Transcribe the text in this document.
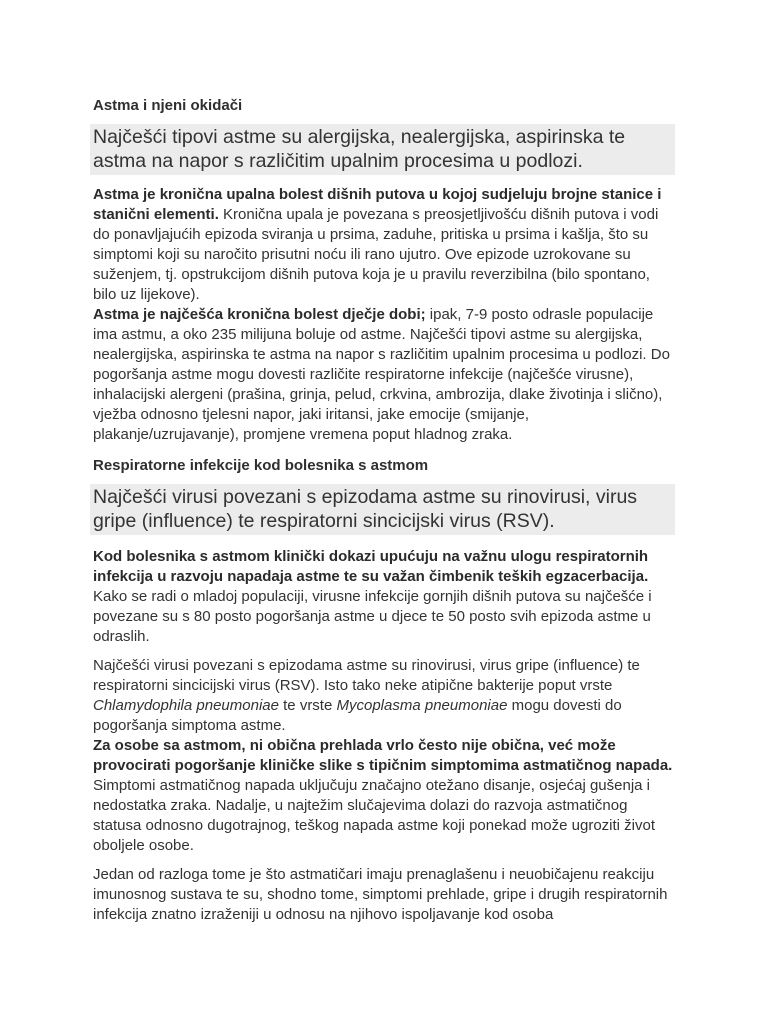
Astma i njeni okidači
Najčešći tipovi astme su alergijska, nealergijska, aspirinska te astma na napor s različitim upalnim procesima u podlozi.

Astma je kronična upalna bolest dišnih putova u kojoj sudjeluju brojne stanice i stanični elementi. Kronična upala je povezana s preosjetljivošću dišnih putova i vodi do ponavljajućih epizoda sviranja u prsima, zaduhe, pritiska u prsima i kašlja, što su simptomi koji su naročito prisutni noću ili rano ujutro. Ove epizode uzrokovane su suženjem, tj. opstrukcijom dišnih putova koja je u pravilu reverzibilna (bilo spontano, bilo uz lijekove).

Astma je najčešća kronična bolest dječje dobi; ipak, 7-9 posto odrasle populacije ima astmu, a oko 235 milijuna boluje od astme. Najčešći tipovi astme su alergijska, nealergijska, aspirinska te astma na napor s različitim upalnim procesima u podlozi. Do pogoršanja astme mogu dovesti različite respiratorne infekcije (najčešće virusne), inhalacijski alergeni (prašina, grinja, pelud, crkvina, ambrozija, dlake životinja i slično), vježba odnosno tjelesni napor, jaki iritansi, jake emocije (smijanje, plakanje/uzrujavanje), promjene vremena poput hladnog zraka.

Respiratorne infekcije kod bolesnika s astmom
Najčešći virusi povezani s epizodama astme su rinovirusi, virus gripe (influence) te respiratorni sincicijski virus (RSV).

Kod bolesnika s astmom klinički dokazi upućuju na važnu ulogu respiratornih infekcija u razvoju napadaja astme te su važan čimbenik teških egzacerbacija. Kako se radi o mladoj populaciji, virusne infekcije gornjih dišnih putova su najčešće i povezane su s 80 posto pogoršanja astme u djece te 50 posto svih epizoda astme u odraslih.

Najčešći virusi povezani s epizodama astme su rinovirusi, virus gripe (influence) te respiratorni sincicijski virus (RSV). Isto tako neke atipične bakterije poput vrste Chlamydophila pneumoniae te vrste Mycoplasma pneumoniae mogu dovesti do pogoršanja simptoma astme.

Za osobe sa astmom, ni obična prehlada vrlo često nije obična, već može provocirati pogoršanje kliničke slike s tipičnim simptomima astmatičnog napada. Simptomi astmatičnog napada uključuju značajno otežano disanje, osjećaj gušenja i nedostatka zraka. Nadalje, u najtežim slučajevima dolazi do razvoja astmatičnog statusa odnosno dugotrajnog, teškog napada astme koji ponekad može ugroziti život oboljele osobe.

Jedan od razloga tome je što astmatičari imaju prenaglašenu i neuobičajenu reakciju imunosnog sustava te su, shodno tome, simptomi prehlade, gripe i drugih respiratornih infekcija znatno izraženiji u odnosu na njihovo ispoljavanje kod osoba
